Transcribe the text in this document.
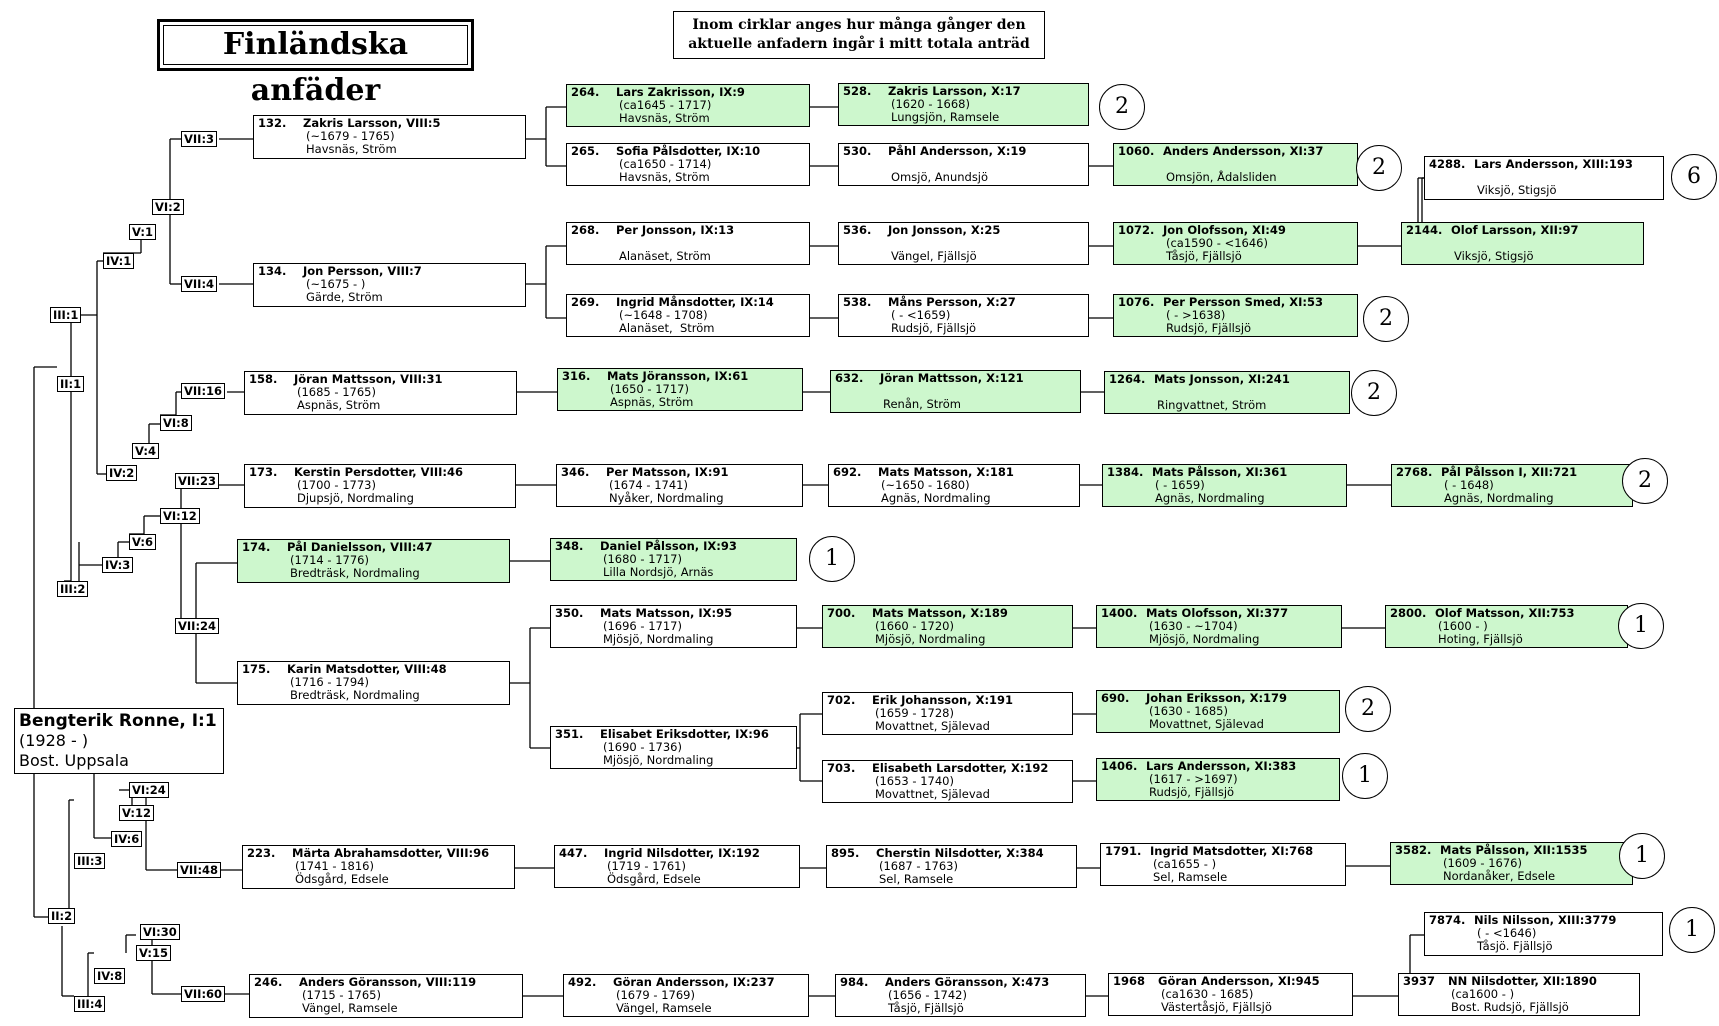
Finländska anfäder
Inom cirklar anges hur många gånger den
aktuelle anfadern ingår i mitt totala anträd
Bengterik Ronne, I:1
(1928 - )
Bost. Uppsala
II:1
II:2
III:1
III:2
III:3
III:4
IV:1
IV:2
IV:3
IV:6
IV:8
V:1
V:4
V:6
V:12
V:15
VI:2
VI:8
VI:12
VI:24
VI:30
VII:3
VII:4
VII:16
VII:23
VII:24
VII:48
VII:60
132. Zakris Larsson, VIII:5
(~1679 - 1765)
Havsnäs, Ström
134. Jon Persson, VIII:7
(~1675 - )
Gärde, Ström
158. Jöran Mattsson, VIII:31
(1685 - 1765)
Aspnäs, Ström
173. Kerstin Persdotter, VIII:46
(1700 - 1773)
Djupsjö, Nordmaling
174. Pål Danielsson, VIII:47
(1714 - 1776)
Bredträsk, Nordmaling
175. Karin Matsdotter, VIII:48
(1716 - 1794)
Bredträsk, Nordmaling
223. Märta Abrahamsdotter, VIII:96
(1741 - 1816)
Ödsgård, Edsele
246. Anders Göransson, VIII:119
(1715 - 1765)
Vängel, Ramsele
264. Lars Zakrisson, IX:9
(ca1645 - 1717)
Havsnäs, Ström
265. Sofia Pålsdotter, IX:10
(ca1650 - 1714)
Havsnäs, Ström
268. Per Jonsson, IX:13

Alanäset, Ström
269. Ingrid Månsdotter, IX:14
(~1648 - 1708)
Alanäset,  Ström
316. Mats Jöransson, IX:61
(1650 - 1717)
Aspnäs, Ström
346. Per Matsson, IX:91
(1674 - 1741)
Nyåker, Nordmaling
348. Daniel Pålsson, IX:93
(1680 - 1717)
Lilla Nordsjö, Arnäs
350. Mats Matsson, IX:95
(1696 - 1717)
Mjösjö, Nordmaling
351. Elisabet Eriksdotter, IX:96
(1690 - 1736)
Mjösjö, Nordmaling
447. Ingrid Nilsdotter, IX:192
(1719 - 1761)
Ödsgård, Edsele
492. Göran Andersson, IX:237
(1679 - 1769)
Vängel, Ramsele
528. Zakris Larsson, X:17
(1620 - 1668)
Lungsjön, Ramsele
530. Påhl Andersson, X:19

Omsjö, Anundsjö
536. Jon Jonsson, X:25

Vängel, Fjällsjö
538. Måns Persson, X:27
( - <1659)
Rudsjö, Fjällsjö
632. Jöran Mattsson, X:121

Renån, Ström
692. Mats Matsson, X:181
(~1650 - 1680)
Agnäs, Nordmaling
700. Mats Matsson, X:189
(1660 - 1720)
Mjösjö, Nordmaling
702. Erik Johansson, X:191
(1659 - 1728)
Movattnet, Själevad
703. Elisabeth Larsdotter, X:192
(1653 - 1740)
Movattnet, Själevad
895. Cherstin Nilsdotter, X:384
(1687 - 1763)
Sel, Ramsele
984. Anders Göransson, X:473
(1656 - 1742)
Tåsjö, Fjällsjö
1060. Anders Andersson, XI:37

Omsjön, Ådalsliden
1072. Jon Olofsson, XI:49
(ca1590 - <1646)
Tåsjö, Fjällsjö
1076. Per Persson Smed, XI:53
( - >1638)
Rudsjö, Fjällsjö
1264. Mats Jonsson, XI:241

Ringvattnet, Ström
1384. Mats Pålsson, XI:361
( - 1659)
Agnäs, Nordmaling
1400. Mats Olofsson, XI:377
(1630 - ~1704)
Mjösjö, Nordmaling
690. Johan Eriksson, X:179
(1630 - 1685)
Movattnet, Själevad
1406. Lars Andersson, XI:383
(1617 - >1697)
Rudsjö, Fjällsjö
1791. Ingrid Matsdotter, XI:768
(ca1655 - )
Sel, Ramsele
1968 Göran Andersson, XI:945
(ca1630 - 1685)
Västertåsjö, Fjällsjö
2144. Olof Larsson, XII:97

Viksjö, Stigsjö
2768. Pål Pålsson I, XII:721
( - 1648)
Agnäs, Nordmaling
2800. Olof Matsson, XII:753
(1600 - )
Hoting, Fjällsjö
3582. Mats Pålsson, XII:1535
(1609 - 1676)
Nordanåker, Edsele
3937 NN Nilsdotter, XII:1890
(ca1600 - )
Bost. Rudsjö, Fjällsjö
4288. Lars Andersson, XIII:193

Viksjö, Stigsjö
7874. Nils Nilsson, XIII:3779
( - <1646)
Tåsjö. Fjällsjö
2
2	6
2
2
2
1
1
2
1
1
1
